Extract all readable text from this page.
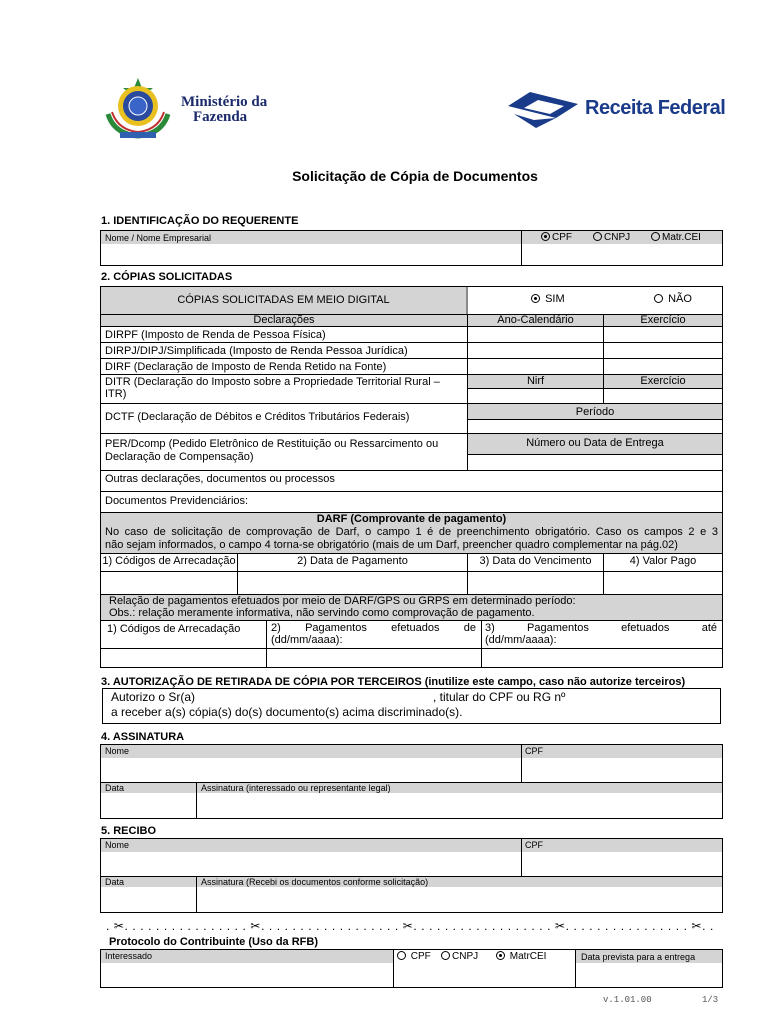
Ministério da
Fazenda	Receita Federal
Solicitação de Cópia de Documentos
1. IDENTIFICAÇÃO DO REQUERENTE
Nome / Nome Empresarial	CPF	CNPJ	Matr.CEI
2. CÓPIAS SOLICITADAS
CÓPIAS SOLICITADAS EM MEIO DIGITAL	SIM	NÃO
Declarações	Ano-Calendário	Exercício
DIRPF (Imposto de Renda de Pessoa Física)
DIRPJ/DIPJ/Simplificada (Imposto de Renda Pessoa Jurídica)
DIRF (Declaração de Imposto de Renda Retido na Fonte)
DITR (Declaração do Imposto sobre a Propriedade Territorial Rural –
ITR)
Nirf	Exercício
DCTF (Declaração de Débitos e Créditos Tributários Federais)	Período
PER/Dcomp (Pedido Eletrônico de Restituição ou Ressarcimento ou
Declaração de Compensação)
Número ou Data de Entrega
Outras declarações, documentos ou processos
Documentos Previdenciários:
DARF (Comprovante de pagamento)
No caso de solicitação de comprovação de Darf, o campo 1 é de preenchimento obrigatório. Caso os campos 2 e 3
não sejam informados, o campo 4 torna-se obrigatório (mais de um Darf, preencher quadro complementar na pág.02)
1) Códigos de Arrecadação	2) Data de Pagamento	3) Data do Vencimento	4) Valor Pago
Relação de pagamentos efetuados por meio de DARF/GPS ou GRPS em determinado período:
Obs.: relação meramente informativa, não servindo como comprovação de pagamento.
1) Códigos de Arrecadação	2) Pagamentos efetuados de
(dd/mm/aaaa):
3) Pagamentos efetuados até
(dd/mm/aaaa):
3. AUTORIZAÇÃO DE RETIRADA DE CÓPIA POR TERCEIROS (inutilize este campo, caso não autorize terceiros)
Autorizo o Sr(a)	, titular do CPF ou RG nº
a receber a(s) cópia(s) do(s) documento(s) acima discriminado(s).
4. ASSINATURA
Nome	CPF
Data	Assinatura (interessado ou representante legal)
5. RECIBO
Nome	CPF
Data	Assinatura (Recebi os documentos conforme solicitação)
. ✂. . . . . . . . . . . . . . . . ✂. . . . . . . . . . . . . . . . . . ✂. . . . . . . . . . . . . . . . . . ✂. . . . . . . . . . . . . . . . ✂. .
Protocolo do Contribuinte (Uso da RFB)
Interessado	CPF	CNPJ	MatrCEI	Data prevista para a entrega
v.1.01.00	1/3
